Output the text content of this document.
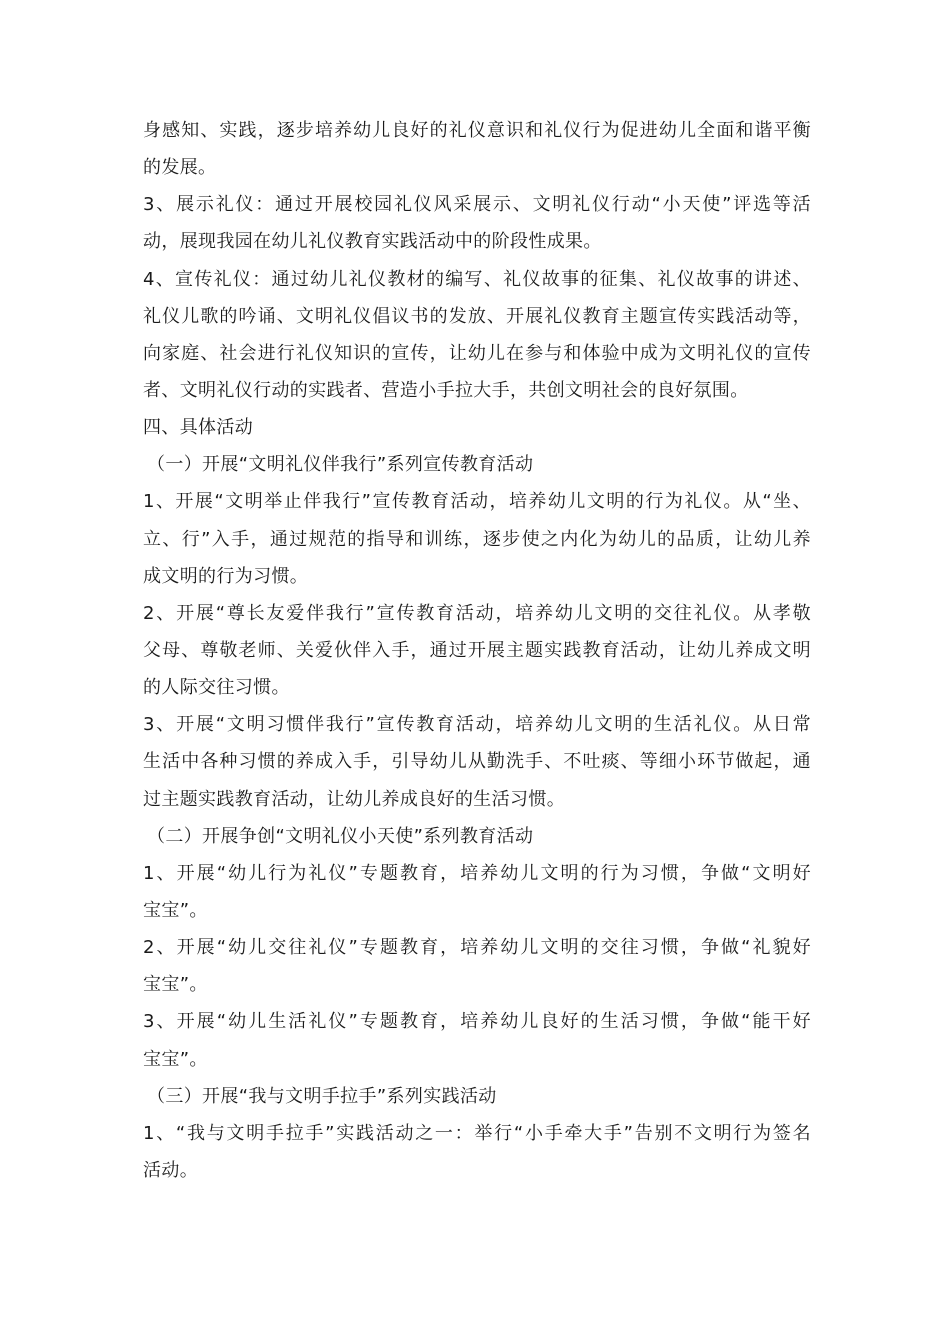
身感知、实践，逐步培养幼儿良好的礼仪意识和礼仪行为促进幼儿全面和谐平衡
的发展。
3、展示礼仪：通过开展校园礼仪风采展示、文明礼仪行动“小天使”评选等活
动，展现我园在幼儿礼仪教育实践活动中的阶段性成果。
4、宣传礼仪：通过幼儿礼仪教材的编写、礼仪故事的征集、礼仪故事的讲述、
礼仪儿歌的吟诵、文明礼仪倡议书的发放、开展礼仪教育主题宣传实践活动等，
向家庭、社会进行礼仪知识的宣传，让幼儿在参与和体验中成为文明礼仪的宣传
者、文明礼仪行动的实践者、营造小手拉大手，共创文明社会的良好氛围。
四、具体活动
（一）开展“文明礼仪伴我行”系列宣传教育活动
1、开展“文明举止伴我行”宣传教育活动，培养幼儿文明的行为礼仪。从“坐、
立、行”入手，通过规范的指导和训练，逐步使之内化为幼儿的品质，让幼儿养
成文明的行为习惯。
2、开展“尊长友爱伴我行”宣传教育活动，培养幼儿文明的交往礼仪。从孝敬
父母、尊敬老师、关爱伙伴入手，通过开展主题实践教育活动，让幼儿养成文明
的人际交往习惯。
3、开展“文明习惯伴我行”宣传教育活动，培养幼儿文明的生活礼仪。从日常
生活中各种习惯的养成入手，引导幼儿从勤洗手、不吐痰、等细小环节做起，通
过主题实践教育活动，让幼儿养成良好的生活习惯。
（二）开展争创“文明礼仪小天使”系列教育活动
1、开展“幼儿行为礼仪”专题教育，培养幼儿文明的行为习惯，争做“文明好
宝宝”。
2、开展“幼儿交往礼仪”专题教育，培养幼儿文明的交往习惯，争做“礼貌好
宝宝”。
3、开展“幼儿生活礼仪”专题教育，培养幼儿良好的生活习惯，争做“能干好
宝宝”。
（三）开展“我与文明手拉手”系列实践活动
1、“我与文明手拉手”实践活动之一：举行“小手牵大手”告别不文明行为签名
活动。
